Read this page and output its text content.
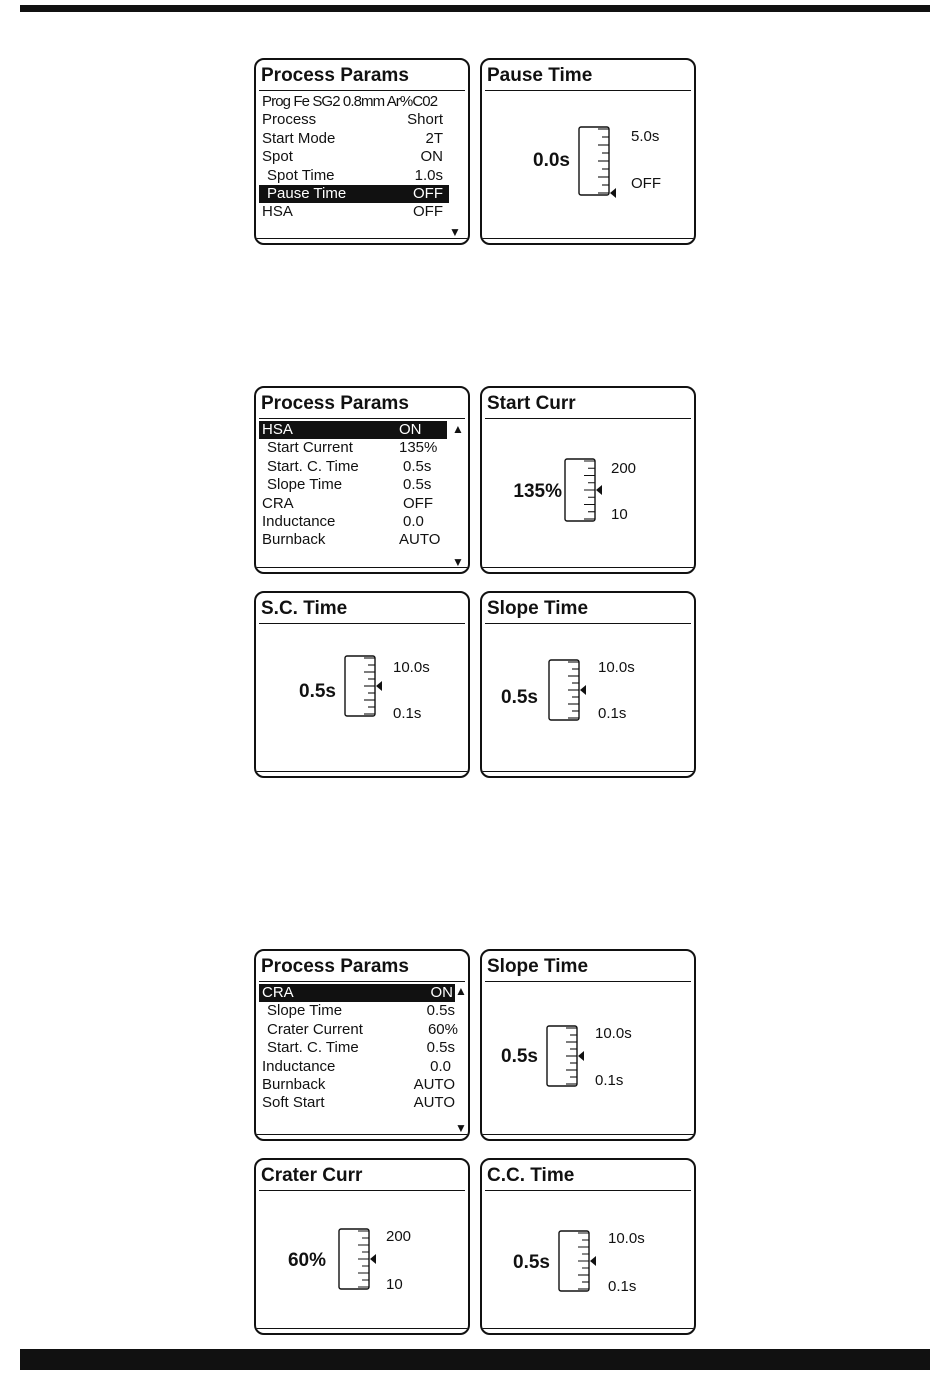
Process Params
Prog Fe SG2 0.8mm Ar%C02
Process	Short
Start Mode	2T
Spot	ON
Spot Time	1.0s
Pause Time	OFF
HSA	OFF
▼
Pause Time
0.0s
5.0s
OFF
Process Params
HSA	ON
Start Current	135%
Start. C. Time	0.5s
Slope Time	0.5s
CRA	OFF
Inductance	0.0
Burnback	AUTO
▲
▼
Start Curr
135%
200
10
S.C. Time
0.5s
10.0s
0.1s
Slope Time
0.5s
10.0s
0.1s
Process Params
CRA	ON
Slope Time	0.5s
Crater Current	60%
Start. C. Time	0.5s
Inductance	0.0
Burnback	AUTO
Soft Start	AUTO
▲
▼
Slope Time
0.5s
10.0s
0.1s
Crater Curr
60%
200
10
C.C. Time
0.5s
10.0s
0.1s
